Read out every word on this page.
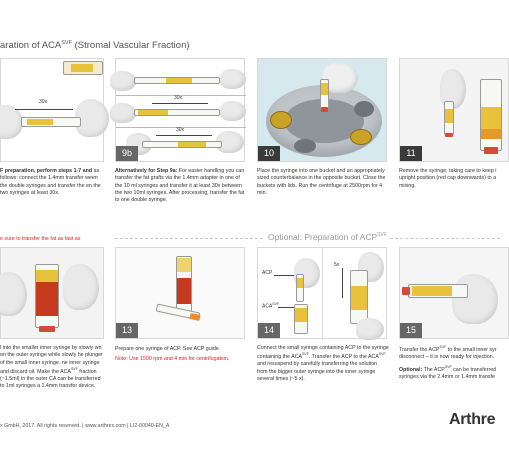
aration of $ACA^{SVF}$ (Stromal Vascular Fraction)
30x
F preparation, perform steps 1-7 and as follows: connect the 1.4mm transfer ween the double syringes and transfer the en the two syringes at least 30x.
e sure to transfer the fat as fast as
30x
30x
9b
Alternatively for Step 9a: For easier handling you can transfer the fat grafts via the 1.4mm adapter in one of the 10 ml syringes and transfer it at least 30x between the two 10ml syringes. After processing, transfer the fat to one double syringe.
10
Place the syringe into one bucket and an appropriately sized counterbalance in the opposite bucket. Close the buckets with lids. Run the centrifuge at 2500rpm for 4 min.
11
Remove the syringe, taking care to keep i upright position (red cap downwards) to a mixing.
Optional: Preparation of $ACP^{SVF}$
l into the smaller inner syringe by slowly wn on the outer syringe while slowly he plunger of the small inner syringe. ne inner syringe and discard oil. Make the $ACA^{SVF}$ fraction (~1.5ml) in the outer CA can be transferred to 1ml syringes a 1.4mm transfer device.
13
Prepare one syringe of ACP. See ACP guide.
Note: Use 1500 rpm and 4 min for centrifugation.
ACP
$ACA^{SVF}$
5x
14
Connect the small syringe containing ACP to the syringe containing the $ACA^{SVF}$. Transfer the ACP to the $ACA^{SVF}$ and resuspend by carefully transferring the solution from the bigger outer syringe into the inner syringe several times (~5 x).
15
Transfer the $ACP^{SVF}$ to the small inner syr disconnect – it is now ready for injection.
Optional: The $ACP^{SVF}$ can be transferred syringes via the 2.4mm or 1.4mm transfe
x GmbH, 2017. All rights reserved. | www.arthrex.com | LI2-00040-EN_A	Arthre
